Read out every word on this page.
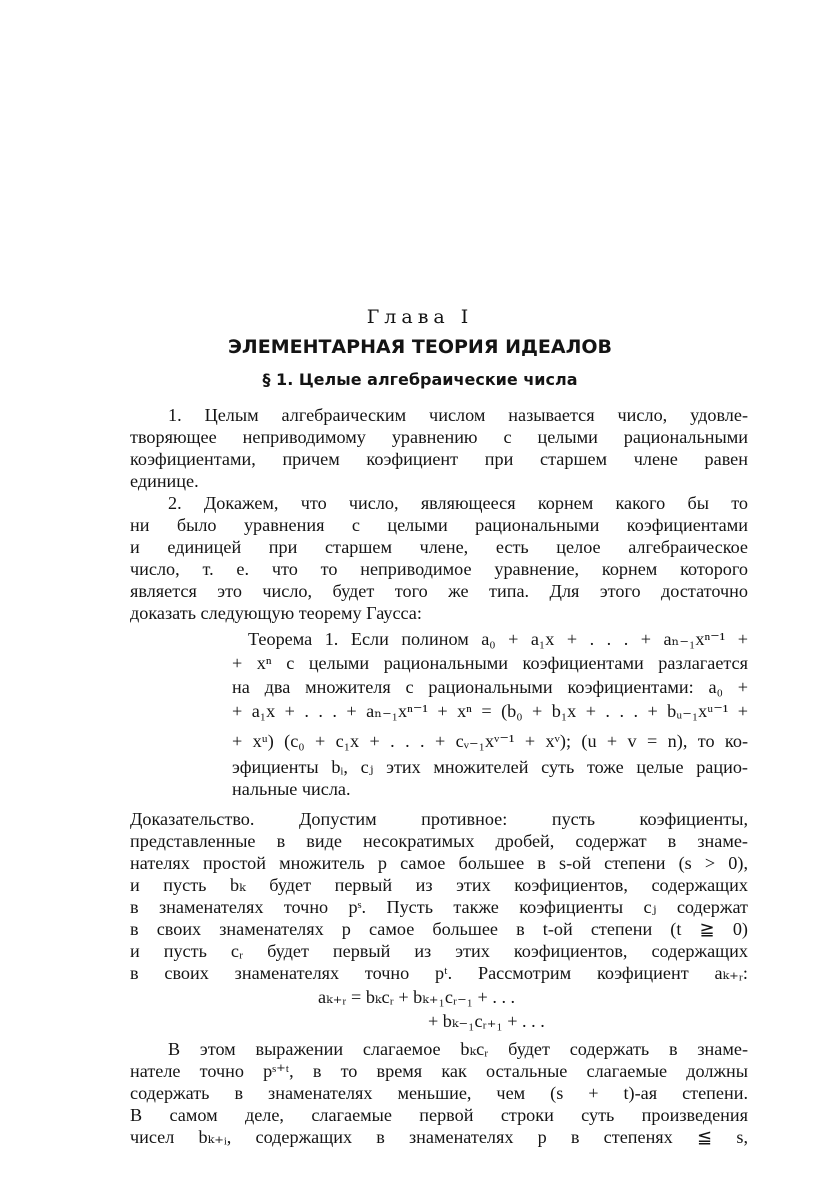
Глава I
ЭЛЕМЕНТАРНАЯ ТЕОРИЯ ИДЕАЛОВ
§ 1. Целые алгебраические числа
1. Целым алгебраическим числом называется число, удовле-
творяющее неприводимому уравнению с целыми рациональными
коэфициентами, причем коэфициент при старшем члене равен
единице.
2. Докажем, что число, являющееся корнем какого бы то
ни было уравнения с целыми рациональными коэфициентами
и единицей при старшем члене, есть целое алгебраическое
число, т. е. что то неприводимое уравнение, корнем которого
является это число, будет того же типа. Для этого достаточно
доказать следующую теорему Гаусса:
Теорема 1. Если полином a₀ + a₁x + . . . + aₙ₋₁xⁿ⁻¹ +
+ xⁿ с целыми рациональными коэфициентами разлагается
на два множителя с рациональными коэфициентами: a₀ +
+ a₁x + . . . + aₙ₋₁xⁿ⁻¹ + xⁿ = (b₀ + b₁x + . . . + bᵤ₋₁xᵘ⁻¹ +
+ xᵘ) (c₀ + c₁x + . . . + cᵥ₋₁xᵛ⁻¹ + xᵛ); (u + v = n), то ко-
эфициенты bᵢ, cⱼ этих множителей суть тоже целые рацио-
нальные числа.
Доказательство. Допустим противное: пусть коэфициенты,
представленные в виде несократимых дробей, содержат в знаме-
нателях простой множитель p самое большее в s-ой степени (s > 0),
и пусть bₖ будет первый из этих коэфициентов, содержащих
в знаменателях точно pˢ. Пусть также коэфициенты cⱼ содержат
в своих знаменателях p самое большее в t-ой степени (t ≧ 0)
и пусть cᵣ будет первый из этих коэфициентов, содержащих
в своих знаменателях точно pᵗ. Рассмотрим коэфициент aₖ₊ᵣ:
aₖ₊ᵣ = bₖcᵣ + bₖ₊₁cᵣ₋₁ + . . .
+ bₖ₋₁cᵣ₊₁ + . . .
В этом выражении слагаемое bₖcᵣ будет содержать в знаме-
нателе точно pˢ⁺ᵗ, в то время как остальные слагаемые должны
содержать в знаменателях меньшие, чем (s + t)-ая степени.
В самом деле, слагаемые первой строки суть произведения
чисел bₖ₊ᵢ, содержащих в знаменателях p в степенях ≦ s,
